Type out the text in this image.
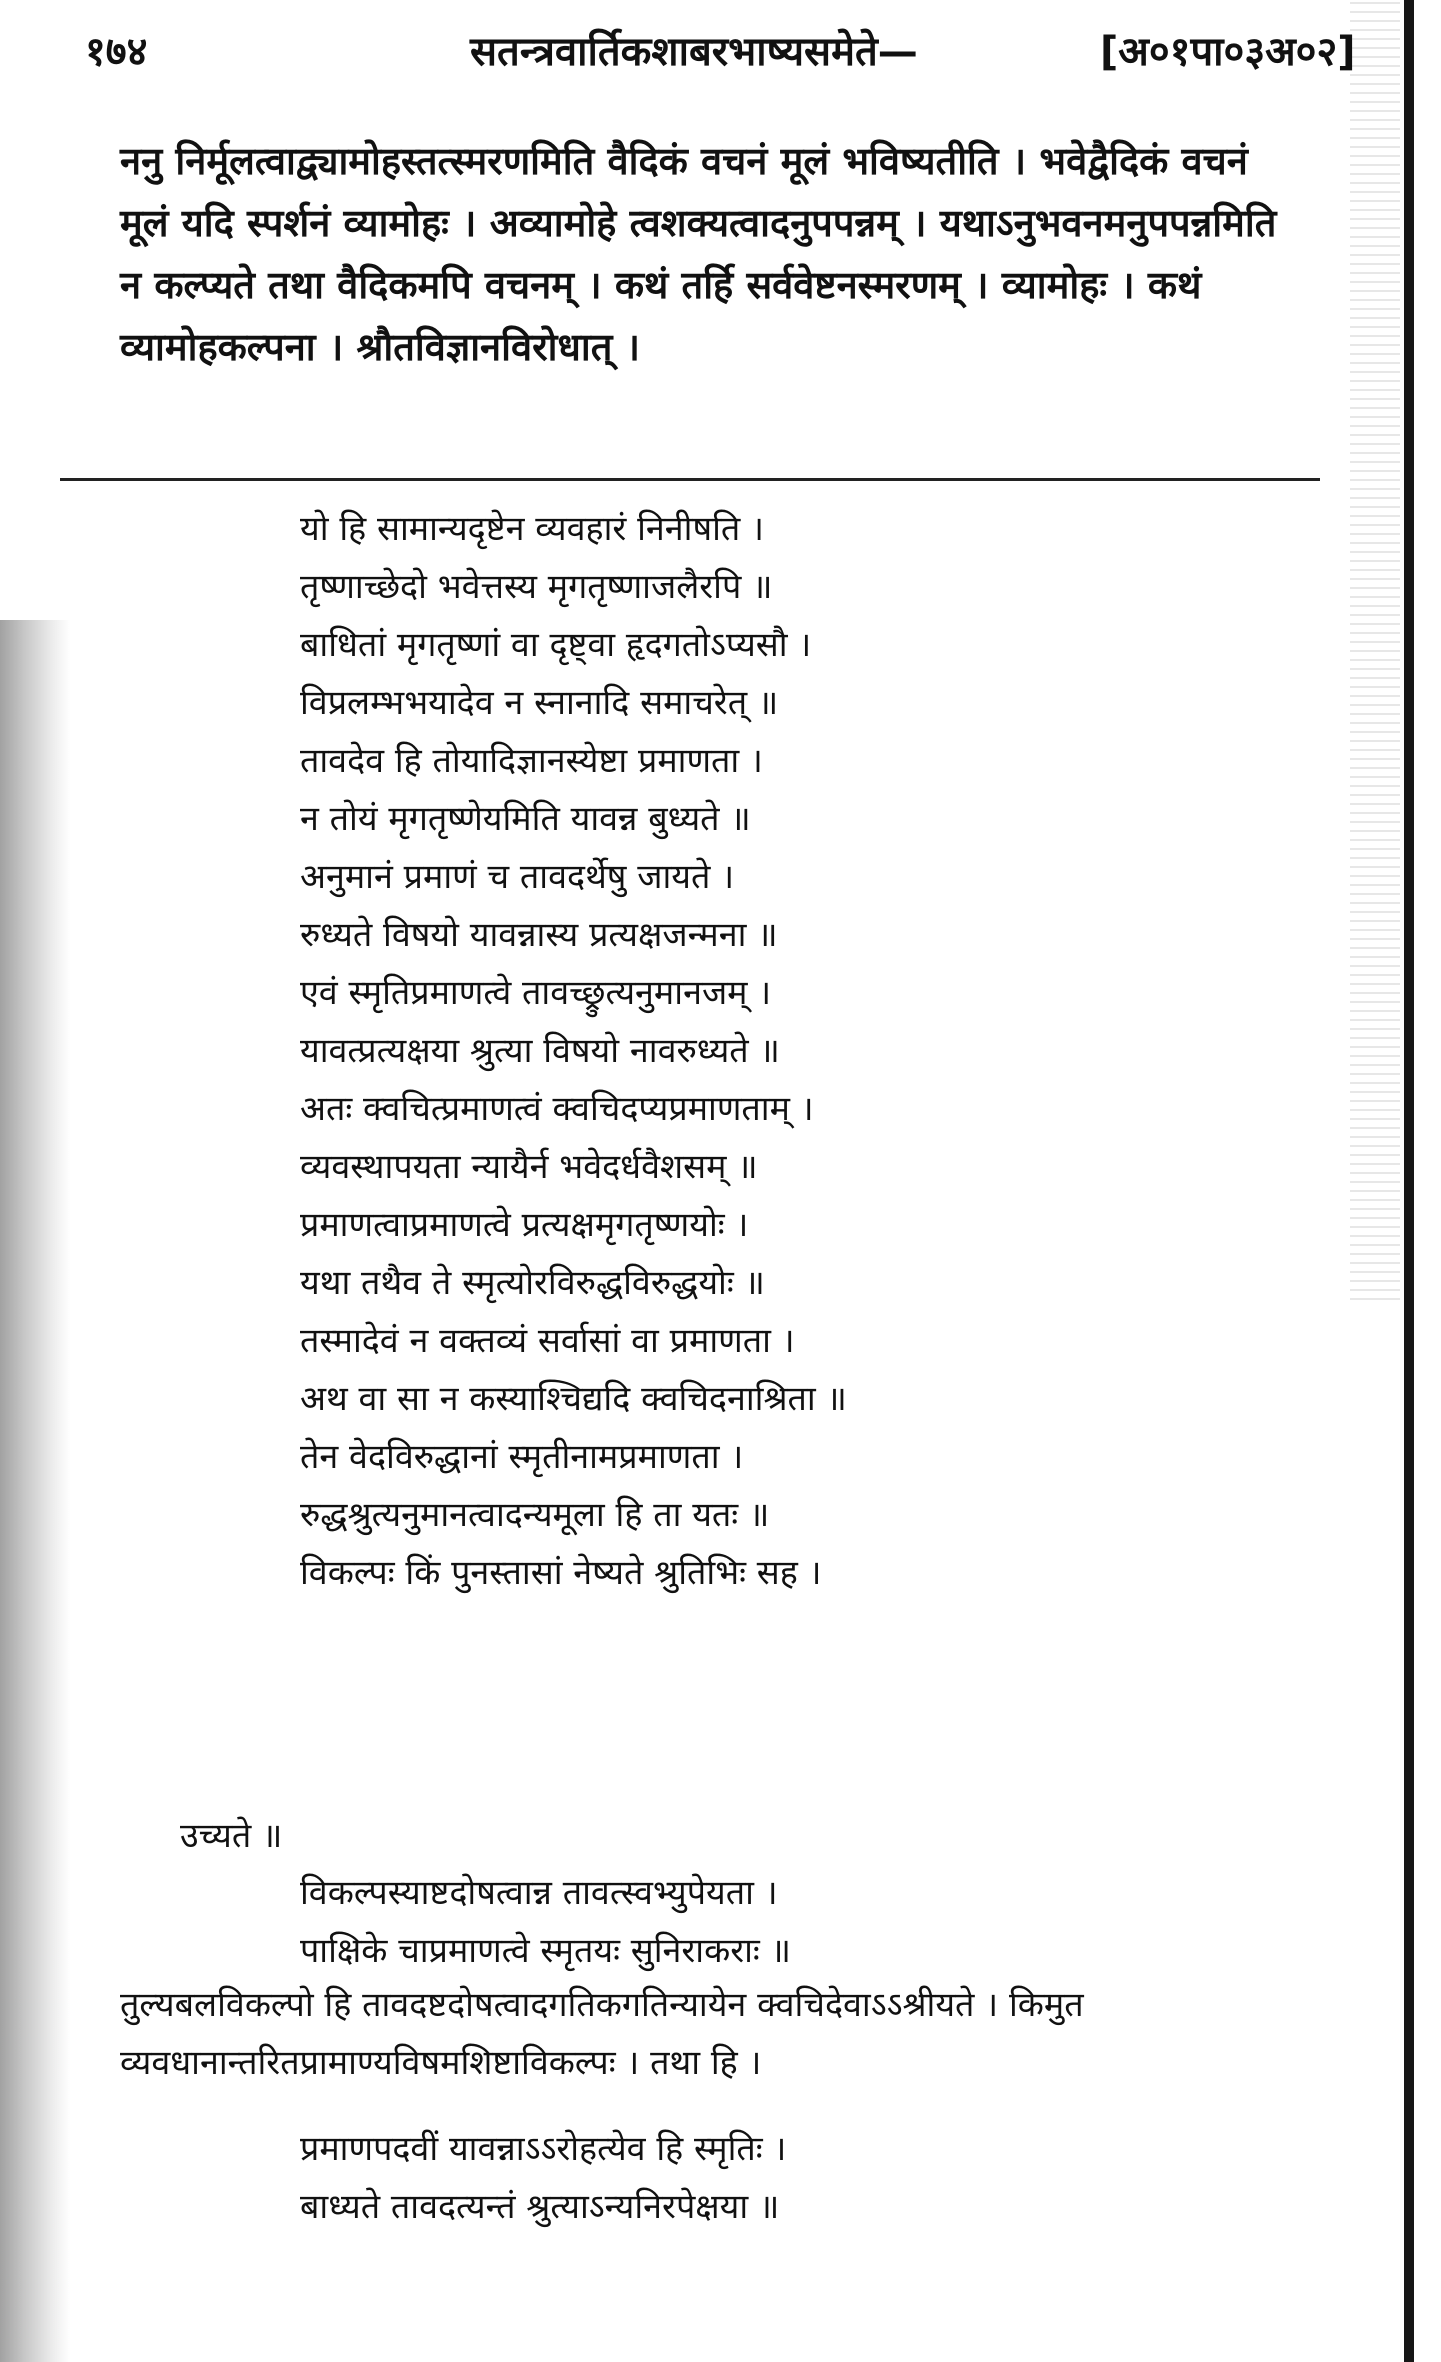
१७४	सतन्त्रवार्तिकशाबरभाष्यसमेते—	[अ०१पा०३अ०२]

ननु निर्मूलत्वाद्व्यामोहस्तत्स्मरणमिति वैदिकं वचनं मूलं भविष्यतीति । भवेद्वैदिकं वचनं मूलं यदि स्पर्शनं व्यामोहः । अव्यामोहे त्वशक्यत्वादनुपपन्नम् । यथाऽनुभवनमनुपपन्नमिति न कल्प्यते तथा वैदिकमपि वचनम् । कथं तर्हि सर्ववेष्टनस्मरणम् । व्यामोहः । कथं व्यामोहकल्पना । श्रौतविज्ञानविरोधात् ।

यो हि सामान्यदृष्टेन व्यवहारं निनीषति ।
तृष्णाच्छेदो भवेत्तस्य मृगतृष्णाजलैरपि ॥
बाधितां मृगतृष्णां वा दृष्ट्वा हृदगतोऽप्यसौ ।
विप्रलम्भभयादेव न स्नानादि समाचरेत् ॥
तावदेव हि तोयादिज्ञानस्येष्टा प्रमाणता ।
न तोयं मृगतृष्णेयमिति यावन्न बुध्यते ॥
अनुमानं प्रमाणं च तावदर्थेषु जायते ।
रुध्यते विषयो यावन्नास्य प्रत्यक्षजन्मना ॥
एवं स्मृतिप्रमाणत्वे तावच्छ्रुत्यनुमानजम् ।
यावत्प्रत्यक्षया श्रुत्या विषयो नावरुध्यते ॥
अतः क्वचित्प्रमाणत्वं क्वचिदप्यप्रमाणताम् ।
व्यवस्थापयता न्यायैर्न भवेदर्धवैशसम् ॥
प्रमाणत्वाप्रमाणत्वे प्रत्यक्षमृगतृष्णयोः ।
यथा तथैव ते स्मृत्योरविरुद्धविरुद्धयोः ॥
तस्मादेवं न वक्तव्यं सर्वासां वा प्रमाणता ।
अथ वा सा न कस्याश्चिद्यदि क्वचिदनाश्रिता ॥
तेन वेदविरुद्धानां स्मृतीनामप्रमाणता ।
रुद्धश्रुत्यनुमानत्वादन्यमूला हि ता यतः ॥
विकल्पः किं पुनस्तासां नेष्यते श्रुतिभिः सह ।
उच्यते ॥
विकल्पस्याष्टदोषत्वान्न तावत्स्वभ्युपेयता ।
पाक्षिके चाप्रमाणत्वे स्मृतयः सुनिराकराः ॥

तुल्यबलविकल्पो हि तावदष्टदोषत्वादगतिकगतिन्यायेन क्वचिदेवाऽऽश्रीयते । किमुत

व्यवधानान्तरितप्रामाण्यविषमशिष्टाविकल्पः । तथा हि ।

प्रमाणपदवीं यावन्नाऽऽरोहत्येव हि स्मृतिः ।
बाध्यते तावदत्यन्तं श्रुत्याऽन्यनिरपेक्षया ॥
